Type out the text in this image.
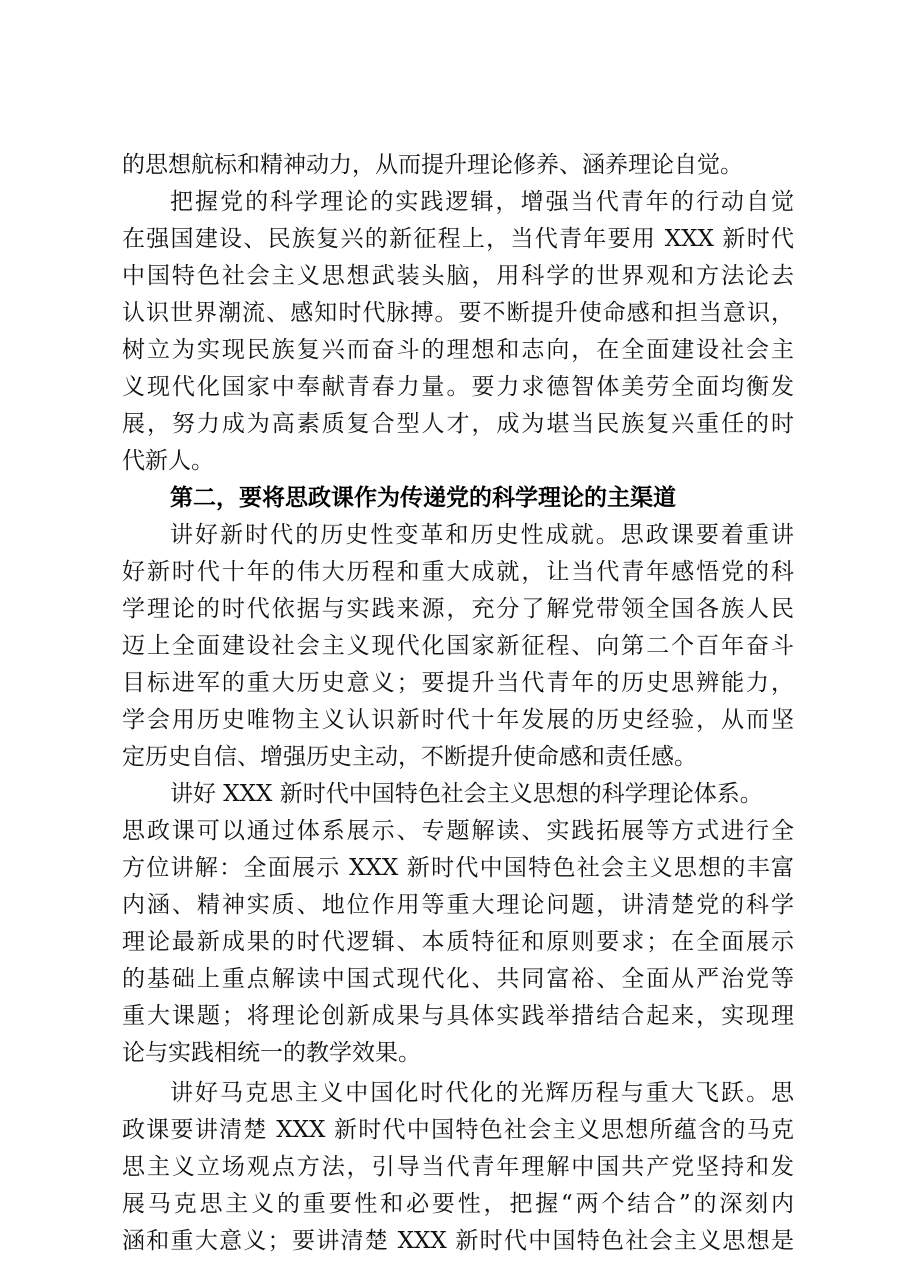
的思想航标和精神动力，从而提升理论修养、涵养理论自觉。
把握党的科学理论的实践逻辑，增强当代青年的行动自觉
在强国建设、民族复兴的新征程上，当代青年要用 XXX 新时代
中国特色社会主义思想武装头脑，用科学的世界观和方法论去
认识世界潮流、感知时代脉搏。要不断提升使命感和担当意识，
树立为实现民族复兴而奋斗的理想和志向，在全面建设社会主
义现代化国家中奉献青春力量。要力求德智体美劳全面均衡发
展，努力成为高素质复合型人才，成为堪当民族复兴重任的时
代新人。
第二，要将思政课作为传递党的科学理论的主渠道
讲好新时代的历史性变革和历史性成就。思政课要着重讲
好新时代十年的伟大历程和重大成就，让当代青年感悟党的科
学理论的时代依据与实践来源，充分了解党带领全国各族人民
迈上全面建设社会主义现代化国家新征程、向第二个百年奋斗
目标进军的重大历史意义；要提升当代青年的历史思辨能力，
学会用历史唯物主义认识新时代十年发展的历史经验，从而坚
定历史自信、增强历史主动，不断提升使命感和责任感。
讲好 XXX 新时代中国特色社会主义思想的科学理论体系。
思政课可以通过体系展示、专题解读、实践拓展等方式进行全
方位讲解：全面展示 XXX 新时代中国特色社会主义思想的丰富
内涵、精神实质、地位作用等重大理论问题，讲清楚党的科学
理论最新成果的时代逻辑、本质特征和原则要求；在全面展示
的基础上重点解读中国式现代化、共同富裕、全面从严治党等
重大课题；将理论创新成果与具体实践举措结合起来，实现理
论与实践相统一的教学效果。
讲好马克思主义中国化时代化的光辉历程与重大飞跃。思
政课要讲清楚 XXX 新时代中国特色社会主义思想所蕴含的马克
思主义立场观点方法，引导当代青年理解中国共产党坚持和发
展马克思主义的重要性和必要性，把握“两个结合”的深刻内
涵和重大意义；要讲清楚 XXX 新时代中国特色社会主义思想是
